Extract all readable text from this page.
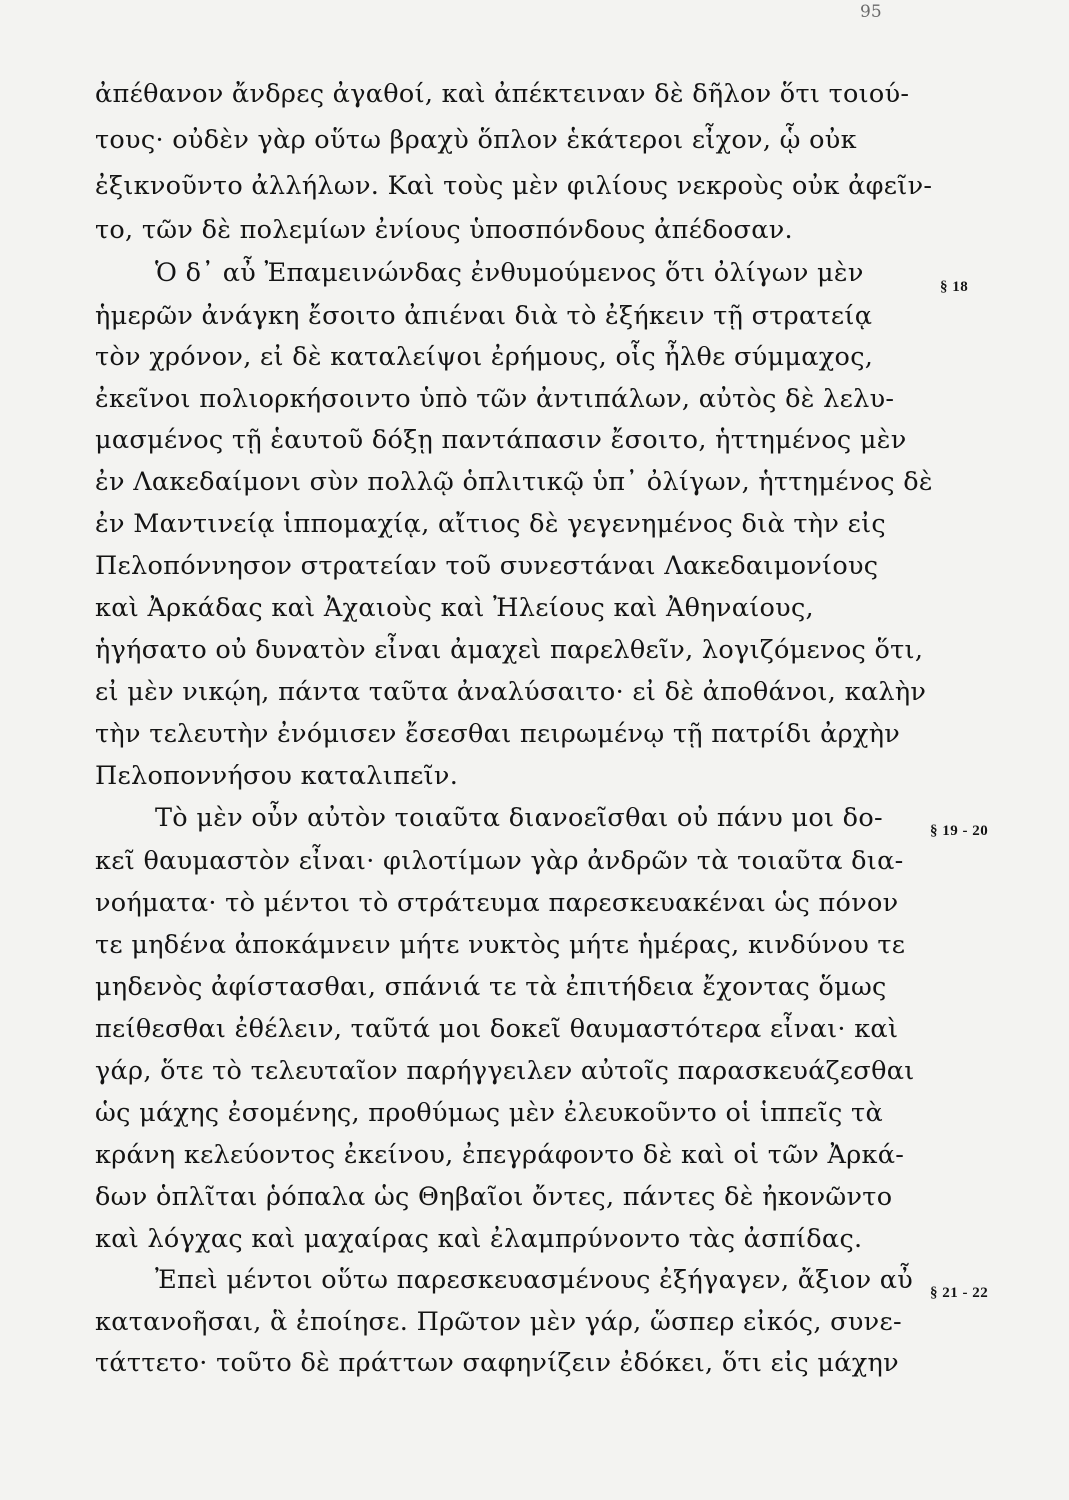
95
ἀπέθανον ἄνδρες ἀγαθοί, καὶ ἀπέκτειναν δὲ δῆλον ὅτι τοιού-
τους· οὐδὲν γὰρ οὕτω βραχὺ ὅπλον ἑκάτεροι εἶχον, ᾧ οὐκ
ἐξικνοῦντο ἀλλήλων. Καὶ τοὺς μὲν φιλίους νεκροὺς οὐκ ἀφεῖν-
το, τῶν δὲ πολεμίων ἐνίους ὑποσπόνδους ἀπέδοσαν.
Ὁ δ᾽ αὖ Ἐπαμεινώνδας ἐνθυμούμενος ὅτι ὀλίγων μὲν
ἡμερῶν ἀνάγκη ἔσοιτο ἀπιέναι διὰ τὸ ἐξήκειν τῇ στρατείᾳ
τὸν χρόνον, εἰ δὲ καταλείψοι ἐρήμους, οἷς ἦλθε σύμμαχος,
ἐκεῖνοι πολιορκήσοιντο ὑπὸ τῶν ἀντιπάλων, αὐτὸς δὲ λελυ-
μασμένος τῇ ἑαυτοῦ δόξῃ παντάπασιν ἔσοιτο, ἡττημένος μὲν
ἐν Λακεδαίμονι σὺν πολλῷ ὁπλιτικῷ ὑπ᾽ ὀλίγων, ἡττημένος δὲ
ἐν Μαντινείᾳ ἱππομαχίᾳ, αἴτιος δὲ γεγενημένος διὰ τὴν εἰς
Πελοπόννησον στρατείαν τοῦ συνεστάναι Λακεδαιμονίους
καὶ Ἀρκάδας καὶ Ἀχαιοὺς καὶ Ἠλείους καὶ Ἀθηναίους,
ἡγήσατο οὐ δυνατὸν εἶναι ἀμαχεὶ παρελθεῖν, λογιζόμενος ὅτι,
εἰ μὲν νικῴη, πάντα ταῦτα ἀναλύσαιτο· εἰ δὲ ἀποθάνοι, καλὴν
τὴν τελευτὴν ἐνόμισεν ἔσεσθαι πειρωμένῳ τῇ πατρίδι ἀρχὴν
Πελοποννήσου καταλιπεῖν.
Τὸ μὲν οὖν αὐτὸν τοιαῦτα διανοεῖσθαι οὐ πάνυ μοι δο-
κεῖ θαυμαστὸν εἶναι· φιλοτίμων γὰρ ἀνδρῶν τὰ τοιαῦτα δια-
νοήματα· τὸ μέντοι τὸ στράτευμα παρεσκευακέναι ὡς πόνον
τε μηδένα ἀποκάμνειν μήτε νυκτὸς μήτε ἡμέρας, κινδύνου τε
μηδενὸς ἀφίστασθαι, σπάνιά τε τὰ ἐπιτήδεια ἔχοντας ὅμως
πείθεσθαι ἐθέλειν, ταῦτά μοι δοκεῖ θαυμαστότερα εἶναι· καὶ
γάρ, ὅτε τὸ τελευταῖον παρήγγειλεν αὐτοῖς παρασκευάζεσθαι
ὡς μάχης ἐσομένης, προθύμως μὲν ἐλευκοῦντο οἱ ἱππεῖς τὰ
κράνη κελεύοντος ἐκείνου, ἐπεγράφοντο δὲ καὶ οἱ τῶν Ἀρκά-
δων ὁπλῖται ῥόπαλα ὡς Θηβαῖοι ὄντες, πάντες δὲ ἠκονῶντο
καὶ λόγχας καὶ μαχαίρας καὶ ἐλαμπρύνοντο τὰς ἀσπίδας.
Ἐπεὶ μέντοι οὕτω παρεσκευασμένους ἐξήγαγεν, ἄξιον αὖ
κατανοῆσαι, ἃ ἐποίησε. Πρῶτον μὲν γάρ, ὥσπερ εἰκός, συνε-
τάττετο· τοῦτο δὲ πράττων σαφηνίζειν ἐδόκει, ὅτι εἰς μάχην
§ 18
§ 19 - 20
§ 21 - 22
